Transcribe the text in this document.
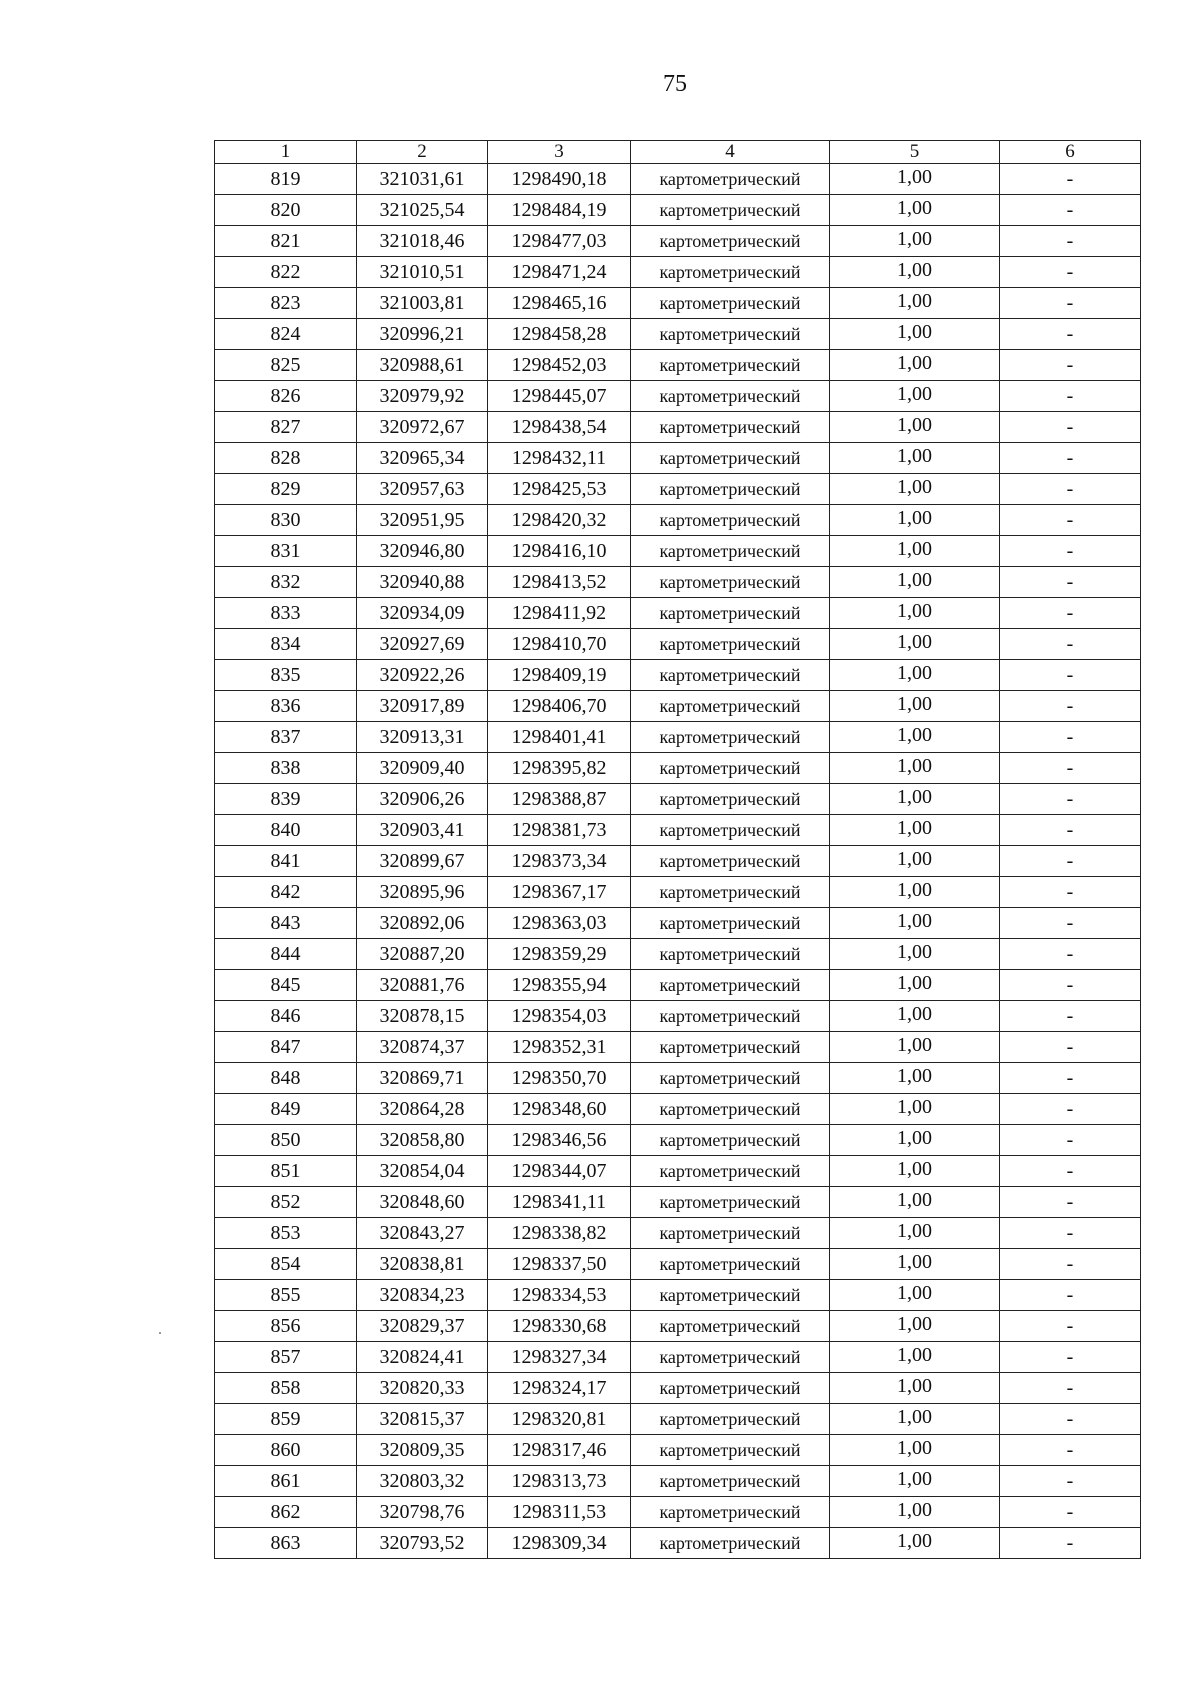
75
1	2	3	4	5	6
819	321031,61	1298490,18	картометрический	1,00	-
820	321025,54	1298484,19	картометрический	1,00	-
821	321018,46	1298477,03	картометрический	1,00	-
822	321010,51	1298471,24	картометрический	1,00	-
823	321003,81	1298465,16	картометрический	1,00	-
824	320996,21	1298458,28	картометрический	1,00	-
825	320988,61	1298452,03	картометрический	1,00	-
826	320979,92	1298445,07	картометрический	1,00	-
827	320972,67	1298438,54	картометрический	1,00	-
828	320965,34	1298432,11	картометрический	1,00	-
829	320957,63	1298425,53	картометрический	1,00	-
830	320951,95	1298420,32	картометрический	1,00	-
831	320946,80	1298416,10	картометрический	1,00	-
832	320940,88	1298413,52	картометрический	1,00	-
833	320934,09	1298411,92	картометрический	1,00	-
834	320927,69	1298410,70	картометрический	1,00	-
835	320922,26	1298409,19	картометрический	1,00	-
836	320917,89	1298406,70	картометрический	1,00	-
837	320913,31	1298401,41	картометрический	1,00	-
838	320909,40	1298395,82	картометрический	1,00	-
839	320906,26	1298388,87	картометрический	1,00	-
840	320903,41	1298381,73	картометрический	1,00	-
841	320899,67	1298373,34	картометрический	1,00	-
842	320895,96	1298367,17	картометрический	1,00	-
843	320892,06	1298363,03	картометрический	1,00	-
844	320887,20	1298359,29	картометрический	1,00	-
845	320881,76	1298355,94	картометрический	1,00	-
846	320878,15	1298354,03	картометрический	1,00	-
847	320874,37	1298352,31	картометрический	1,00	-
848	320869,71	1298350,70	картометрический	1,00	-
849	320864,28	1298348,60	картометрический	1,00	-
850	320858,80	1298346,56	картометрический	1,00	-
851	320854,04	1298344,07	картометрический	1,00	-
852	320848,60	1298341,11	картометрический	1,00	-
853	320843,27	1298338,82	картометрический	1,00	-
854	320838,81	1298337,50	картометрический	1,00	-
855	320834,23	1298334,53	картометрический	1,00	-
856	320829,37	1298330,68	картометрический	1,00	-
857	320824,41	1298327,34	картометрический	1,00	-
858	320820,33	1298324,17	картометрический	1,00	-
859	320815,37	1298320,81	картометрический	1,00	-
860	320809,35	1298317,46	картометрический	1,00	-
861	320803,32	1298313,73	картометрический	1,00	-
862	320798,76	1298311,53	картометрический	1,00	-
863	320793,52	1298309,34	картометрический	1,00	-
